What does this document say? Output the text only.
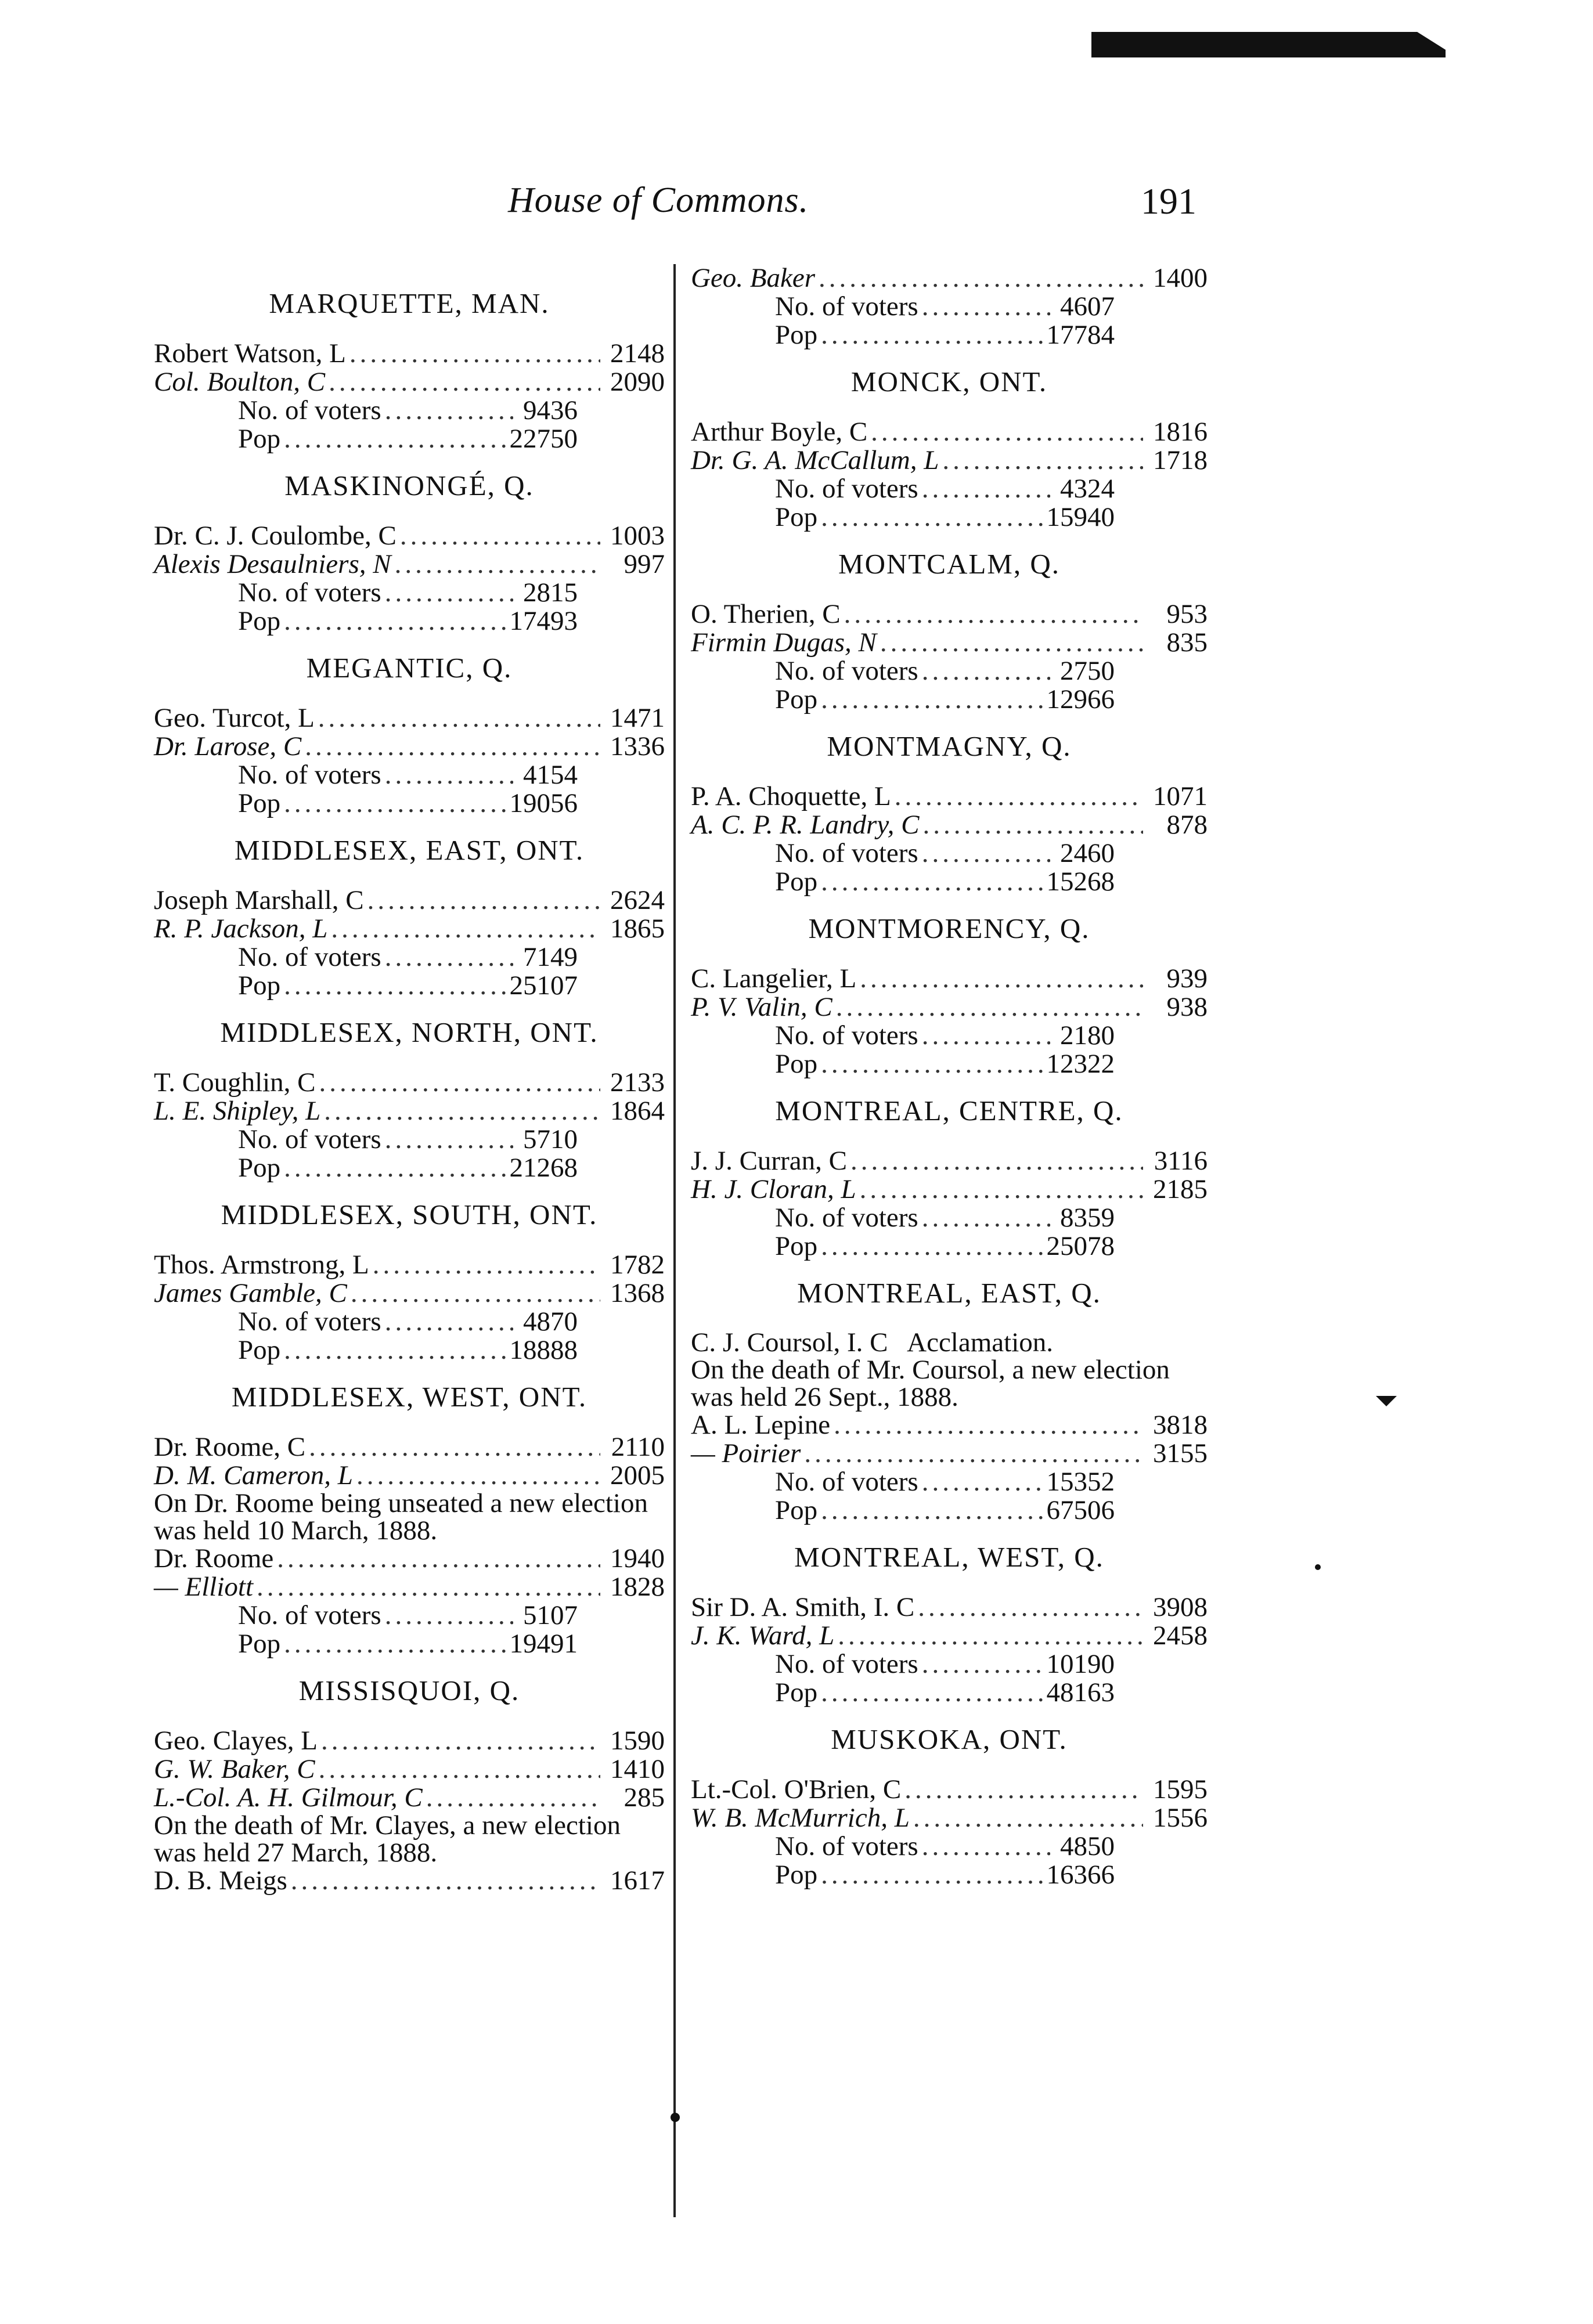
House of Commons.	191
MARQUETTE, MAN.
Robert Watson, L .....	2148
Col. Boulton, C .....	2090
No. of voters .....	9436
Pop .....	22750
MASKINONGÉ, Q.
Dr. C. J. Coulombe, C .....	1003
Alexis Desaulniers, N .....	997
No. of voters .....	2815
Pop .....	17493
MEGANTIC, Q.
Geo. Turcot, L .....	1471
Dr. Larose, C .....	1336
No. of voters .....	4154
Pop .....	19056
MIDDLESEX, EAST, ONT.
Joseph Marshall, C .....	2624
R. P. Jackson, L .....	1865
No. of voters .....	7149
Pop .....	25107
MIDDLESEX, NORTH, ONT.
T. Coughlin, C .....	2133
L. E. Shipley, L .....	1864
No. of voters .....	5710
Pop .....	21268
MIDDLESEX, SOUTH, ONT.
Thos. Armstrong, L .....	1782
James Gamble, C .....	1368
No. of voters .....	4870
Pop .....	18888
MIDDLESEX, WEST, ONT.
Dr. Roome, C .....	2110
D. M. Cameron, L .....	2005
On Dr. Roome being unseated a new election was held 10 March, 1888.
Dr. Roome .....	1940
— Elliott .....	1828
No. of voters .....	5107
Pop .....	19491
MISSISQUOI, Q.
Geo. Clayes, L .....	1590
G. W. Baker, C .....	1410
L.-Col. A. H. Gilmour, C .....	285
On the death of Mr. Clayes, a new election was held 27 March, 1888.
D. B. Meigs .....	1617
Geo. Baker .....	1400
No. of voters .....	4607
Pop .....	17784
MONCK, ONT.
Arthur Boyle, C .....	1816
Dr. G. A. McCallum, L .....	1718
No. of voters .....	4324
Pop .....	15940
MONTCALM, Q.
O. Therien, C .....	953
Firmin Dugas, N .....	835
No. of voters .....	2750
Pop .....	12966
MONTMAGNY, Q.
P. A. Choquette, L .....	1071
A. C. P. R. Landry, C .....	878
No. of voters .....	2460
Pop .....	15268
MONTMORENCY, Q.
C. Langelier, L .....	939
P. V. Valin, C .....	938
No. of voters .....	2180
Pop .....	12322
MONTREAL, CENTRE, Q.
J. J. Curran, C .....	3116
H. J. Cloran, L .....	2185
No. of voters .....	8359
Pop .....	25078
MONTREAL, EAST, Q.
C. J. Coursol, I. C   Acclamation.
On the death of Mr. Coursol, a new election was held 26 Sept., 1888.
A. L. Lepine .....	3818
— Poirier .....	3155
No. of voters .....	15352
Pop .....	67506
MONTREAL, WEST, Q.
Sir D. A. Smith, I. C .....	3908
J. K. Ward, L .....	2458
No. of voters .....	10190
Pop .....	48163
MUSKOKA, ONT.
Lt.-Col. O'Brien, C .....	1595
W. B. McMurrich, L .....	1556
No. of voters .....	4850
Pop .....	16366
